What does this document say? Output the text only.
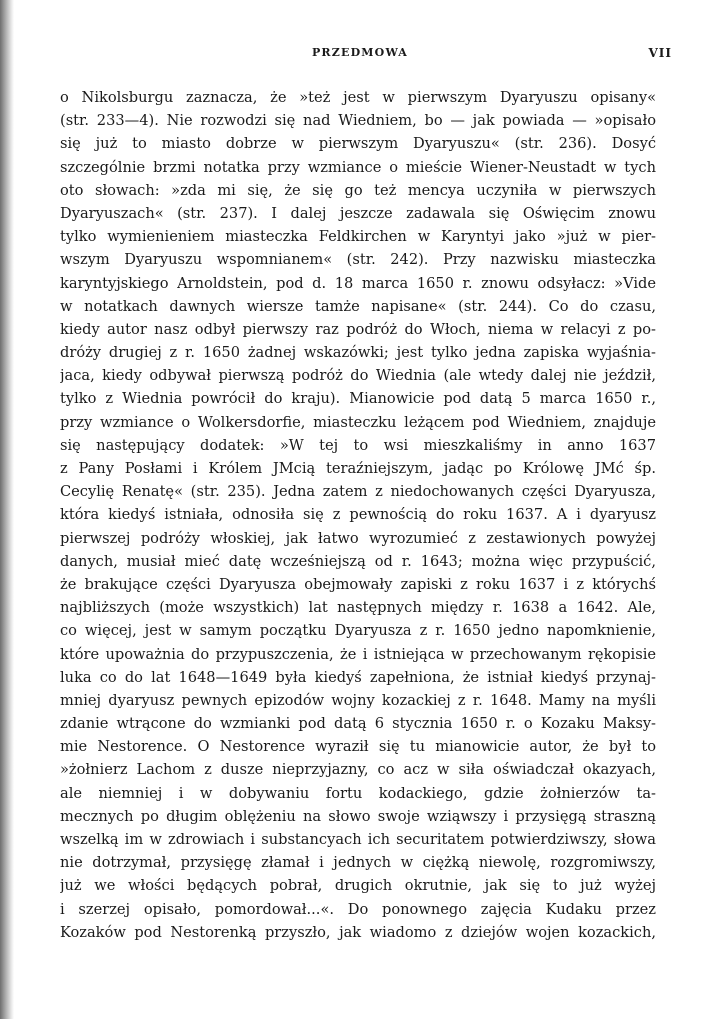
PRZEDMOWA	VII
o Nikolsburgu zaznacza, że »też jest w pierwszym Dyaryuszu opisany«
(str. 233—4). Nie rozwodzi się nad Wiedniem, bo — jak powiada — »opisało
się już to miasto dobrze w pierwszym Dyaryuszu« (str. 236). Dosyć
szczególnie brzmi notatka przy wzmiance o mieście Wiener-Neustadt w tych
oto słowach: »zda mi się, że się go też mencya uczyniła w pierwszych
Dyaryuszach« (str. 237). I dalej jeszcze zadawala się Oświęcim znowu
tylko wymienieniem miasteczka Feldkirchen w Karyntyi jako »już w pier-
wszym Dyaryuszu wspomnianem« (str. 242). Przy nazwisku miasteczka
karyntyjskiego Arnoldstein, pod d. 18 marca 1650 r. znowu odsyłacz: »Vide
w notatkach dawnych wiersze tamże napisane« (str. 244). Co do czasu,
kiedy autor nasz odbył pierwszy raz podróż do Włoch, niema w relacyi z po-
dróży drugiej z r. 1650 żadnej wskazówki; jest tylko jedna zapiska wyjaśnia-
jaca, kiedy odbywał pierwszą podróż do Wiednia (ale wtedy dalej nie jeździł,
tylko z Wiednia powrócił do kraju). Mianowicie pod datą 5 marca 1650 r.,
przy wzmiance o Wolkersdorfie, miasteczku leżącem pod Wiedniem, znajduje
się następujący dodatek: »W tej to wsi mieszkaliśmy in anno 1637
z Pany Posłami i Królem JMcią teraźniejszym, jadąc po Królowę JMć śp.
Cecylię Renatę« (str. 235). Jedna zatem z niedochowanych części Dyaryusza,
która kiedyś istniała, odnosiła się z pewnością do roku 1637. A i dyaryusz
pierwszej podróży włoskiej, jak łatwo wyrozumieć z zestawionych powyżej
danych, musiał mieć datę wcześniejszą od r. 1643; można więc przypuścić,
że brakujące części Dyaryusza obejmowały zapiski z roku 1637 i z którychś
najbliższych (może wszystkich) lat następnych między r. 1638 a 1642. Ale,
co więcej, jest w samym początku Dyaryusza z r. 1650 jedno napomknienie,
które upoważnia do przypuszczenia, że i istniejąca w przechowanym rękopisie
luka co do lat 1648—1649 była kiedyś zapełniona, że istniał kiedyś przynaj-
mniej dyaryusz pewnych epizodów wojny kozackiej z r. 1648. Mamy na myśli
zdanie wtrącone do wzmianki pod datą 6 stycznia 1650 r. o Kozaku Maksy-
mie Nestorence. O Nestorence wyraził się tu mianowicie autor, że był to
»żołnierz Lachom z dusze nieprzyjazny, co acz w siła oświadczał okazyach,
ale niemniej i w dobywaniu fortu kodackiego, gdzie żołnierzów ta-
mecznych po długim oblężeniu na słowo swoje wziąwszy i przysięgą straszną
wszelką im w zdrowiach i substancyach ich securitatem potwierdziwszy, słowa
nie dotrzymał, przysięgę złamał i jednych w ciężką niewolę, rozgromiwszy,
już we włości będących pobrał, drugich okrutnie, jak się to już wyżej
i szerzej opisało, pomordował...«. Do ponownego zajęcia Kudaku przez
Kozaków pod Nestorenką przyszło, jak wiadomo z dziejów wojen kozackich,
